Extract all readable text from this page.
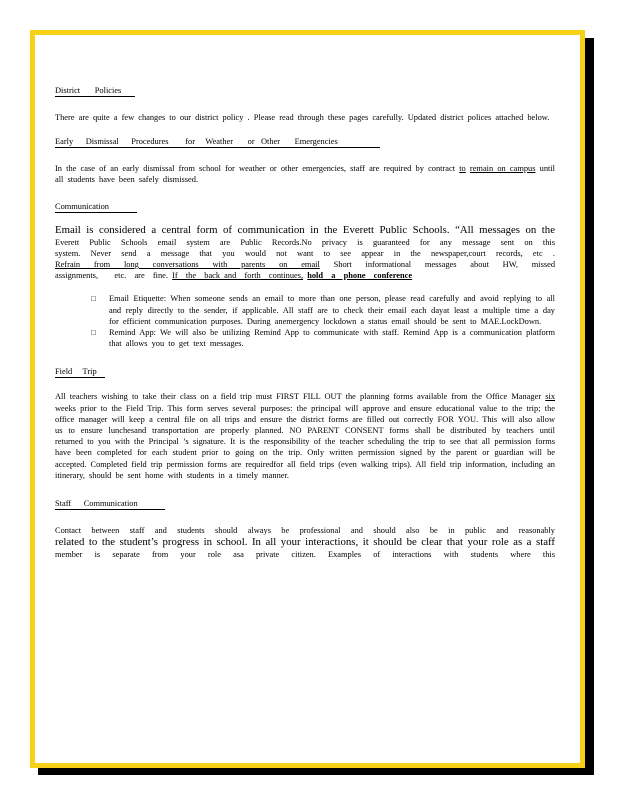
District       Policies

There are quite a few changes to our district policy . Please read through these pages carefully. Updated district polices attached below.

Early      Dismissal      Procedures        for     Weather       or   Other       Emergencies

In the case of an early dismissal from school for weather or other emergencies, staff are required by contract to remain on campus until all students have been safely dismissed.

Communication

Email is considered a central form of communication in the Everett Public Schools. “All messages on the

Everett Public Schools email system are Public Records.No privacy is guaranteed for any message sent on this

system. Never send a message that you would not want to see appear in the newspaper,court records, etc .

Refrain from long conversations with parents on email Short informational messages about HW, missed

assignments,    etc.  are  fine. If  the  back and  forth  continues, hold  a  phone  conference

□ Email Etiquette: When someone sends an email to more than one person, please read carefully and avoid replying to all and reply directly to the sender, if applicable. All staff are to check their email each dayat least a multiple time a day for efficient communication purposes. During anemergency lockdown a status email should be sent to MAE.LockDown.

□ Remind App: We will also be utilizing Remind App to communicate with staff. Remind App is a communication platform that allows you to get text messages.

Field     Trip

All teachers wishing to take their class on a field trip must FIRST FILL OUT the planning forms available from the Office Manager six weeks prior to the Field Trip. This form serves several purposes: the principal will approve and ensure educational value to the trip; the office manager will keep a central file on all trips and ensure the district forms are filled out correctly FOR YOU. This will also allow us to ensure lunchesand transportation are properly planned. NO PARENT CONSENT forms shall be distributed by teachers until returned to you with the Principal ’s signature. It is the responsibility of the teacher scheduling the trip to see that all permission forms have been completed for each student prior to going on the trip. Only written permission signed by the parent or guardian will be accepted. Completed field trip permission forms are requiredfor all field trips (even walking trips). All field trip information, including an itinerary, should be sent home with students in a timely manner.

Staff      Communication

Contact between staff and students should always be professional and should also be in public and reasonably

related to the student’s progress in school. In all your interactions, it should be clear that your role as a staff

member is separate from your role asa private citizen. Examples of interactions with students where this
